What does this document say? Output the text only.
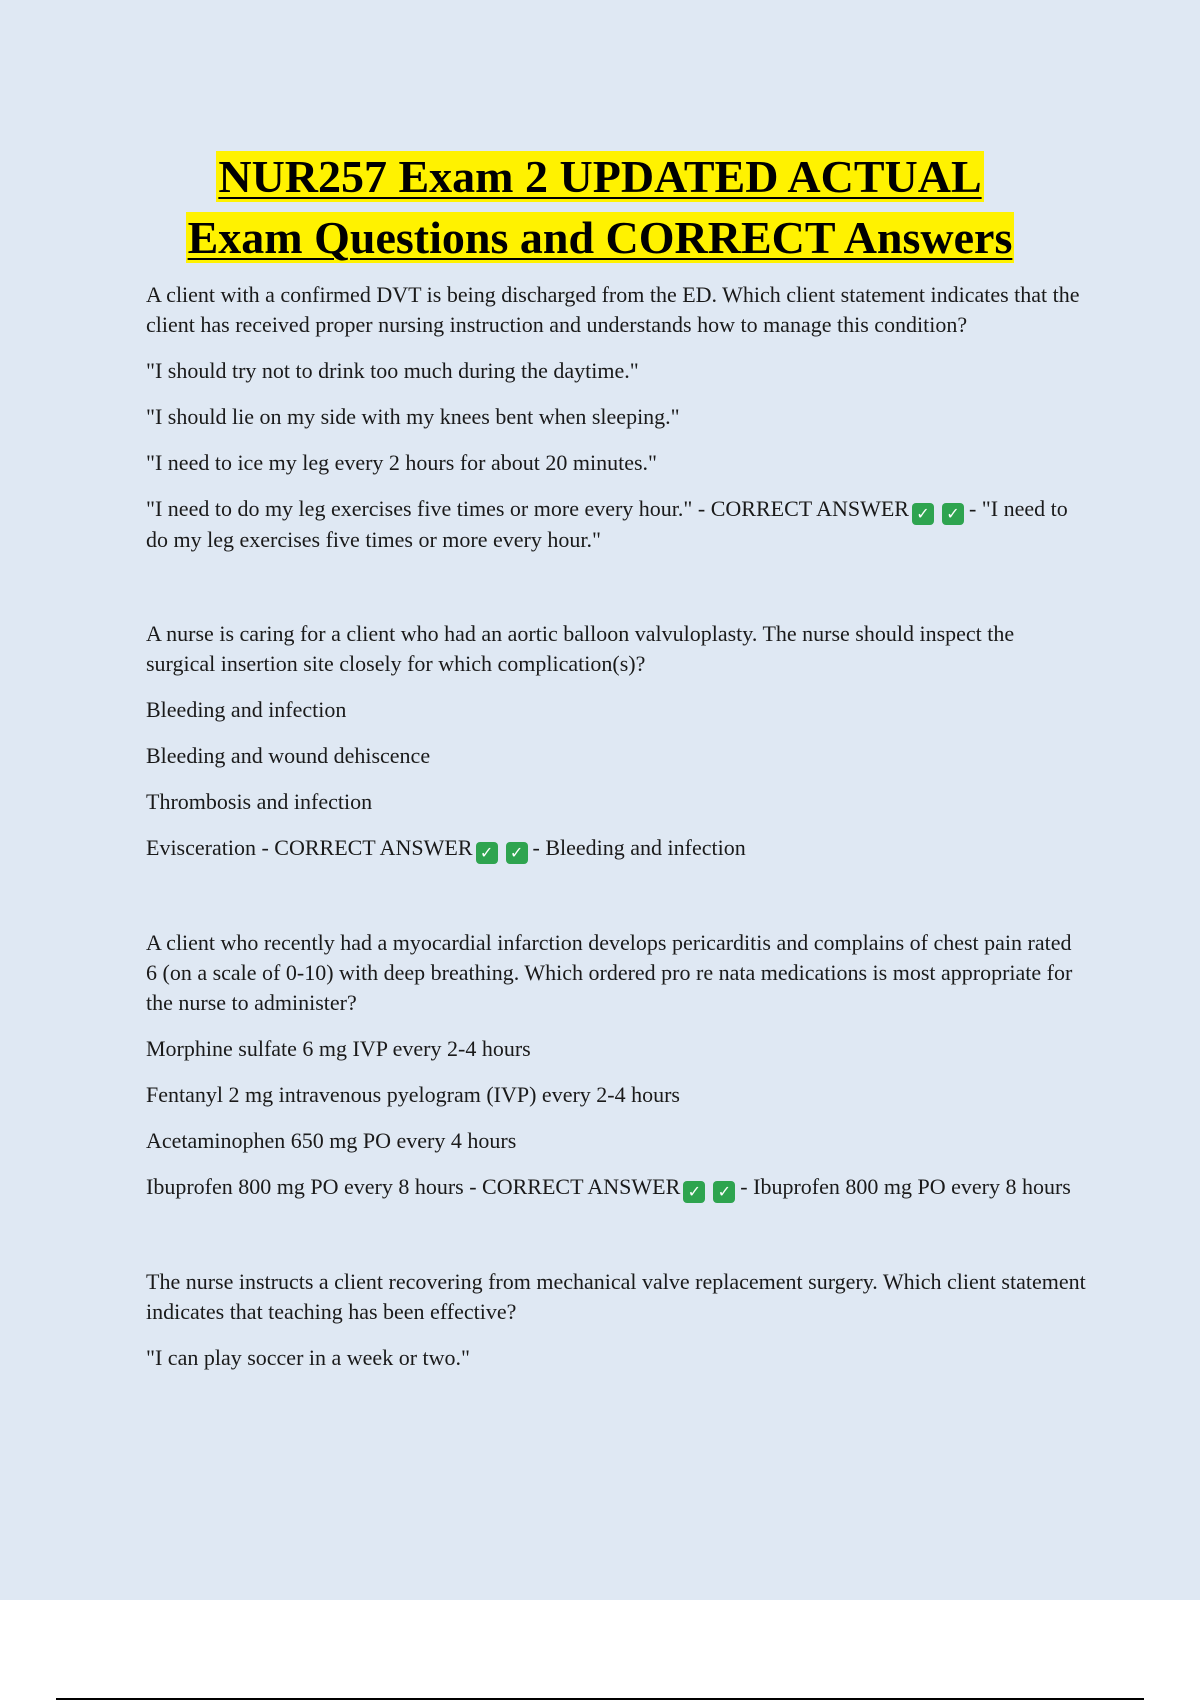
NUR257 Exam 2 UPDATED ACTUAL
Exam Questions and CORRECT Answers

A client with a confirmed DVT is being discharged from the ED. Which client statement indicates that the client has received proper nursing instruction and understands how to manage this condition?

"I should try not to drink too much during the daytime."

"I should lie on my side with my knees bent when sleeping."

"I need to ice my leg every 2 hours for about 20 minutes."

"I need to do my leg exercises five times or more every hour." - CORRECT ANSWER ✓ ✓ - "I need to do my leg exercises five times or more every hour."

A nurse is caring for a client who had an aortic balloon valvuloplasty. The nurse should inspect the surgical insertion site closely for which complication(s)?

Bleeding and infection

Bleeding and wound dehiscence

Thrombosis and infection

Evisceration - CORRECT ANSWER ✓ ✓ - Bleeding and infection

A client who recently had a myocardial infarction develops pericarditis and complains of chest pain rated 6 (on a scale of 0-10) with deep breathing. Which ordered pro re nata medications is most appropriate for the nurse to administer?

Morphine sulfate 6 mg IVP every 2-4 hours

Fentanyl 2 mg intravenous pyelogram (IVP) every 2-4 hours

Acetaminophen 650 mg PO every 4 hours

Ibuprofen 800 mg PO every 8 hours - CORRECT ANSWER ✓ ✓ - Ibuprofen 800 mg PO every 8 hours

The nurse instructs a client recovering from mechanical valve replacement surgery. Which client statement indicates that teaching has been effective?

"I can play soccer in a week or two."
